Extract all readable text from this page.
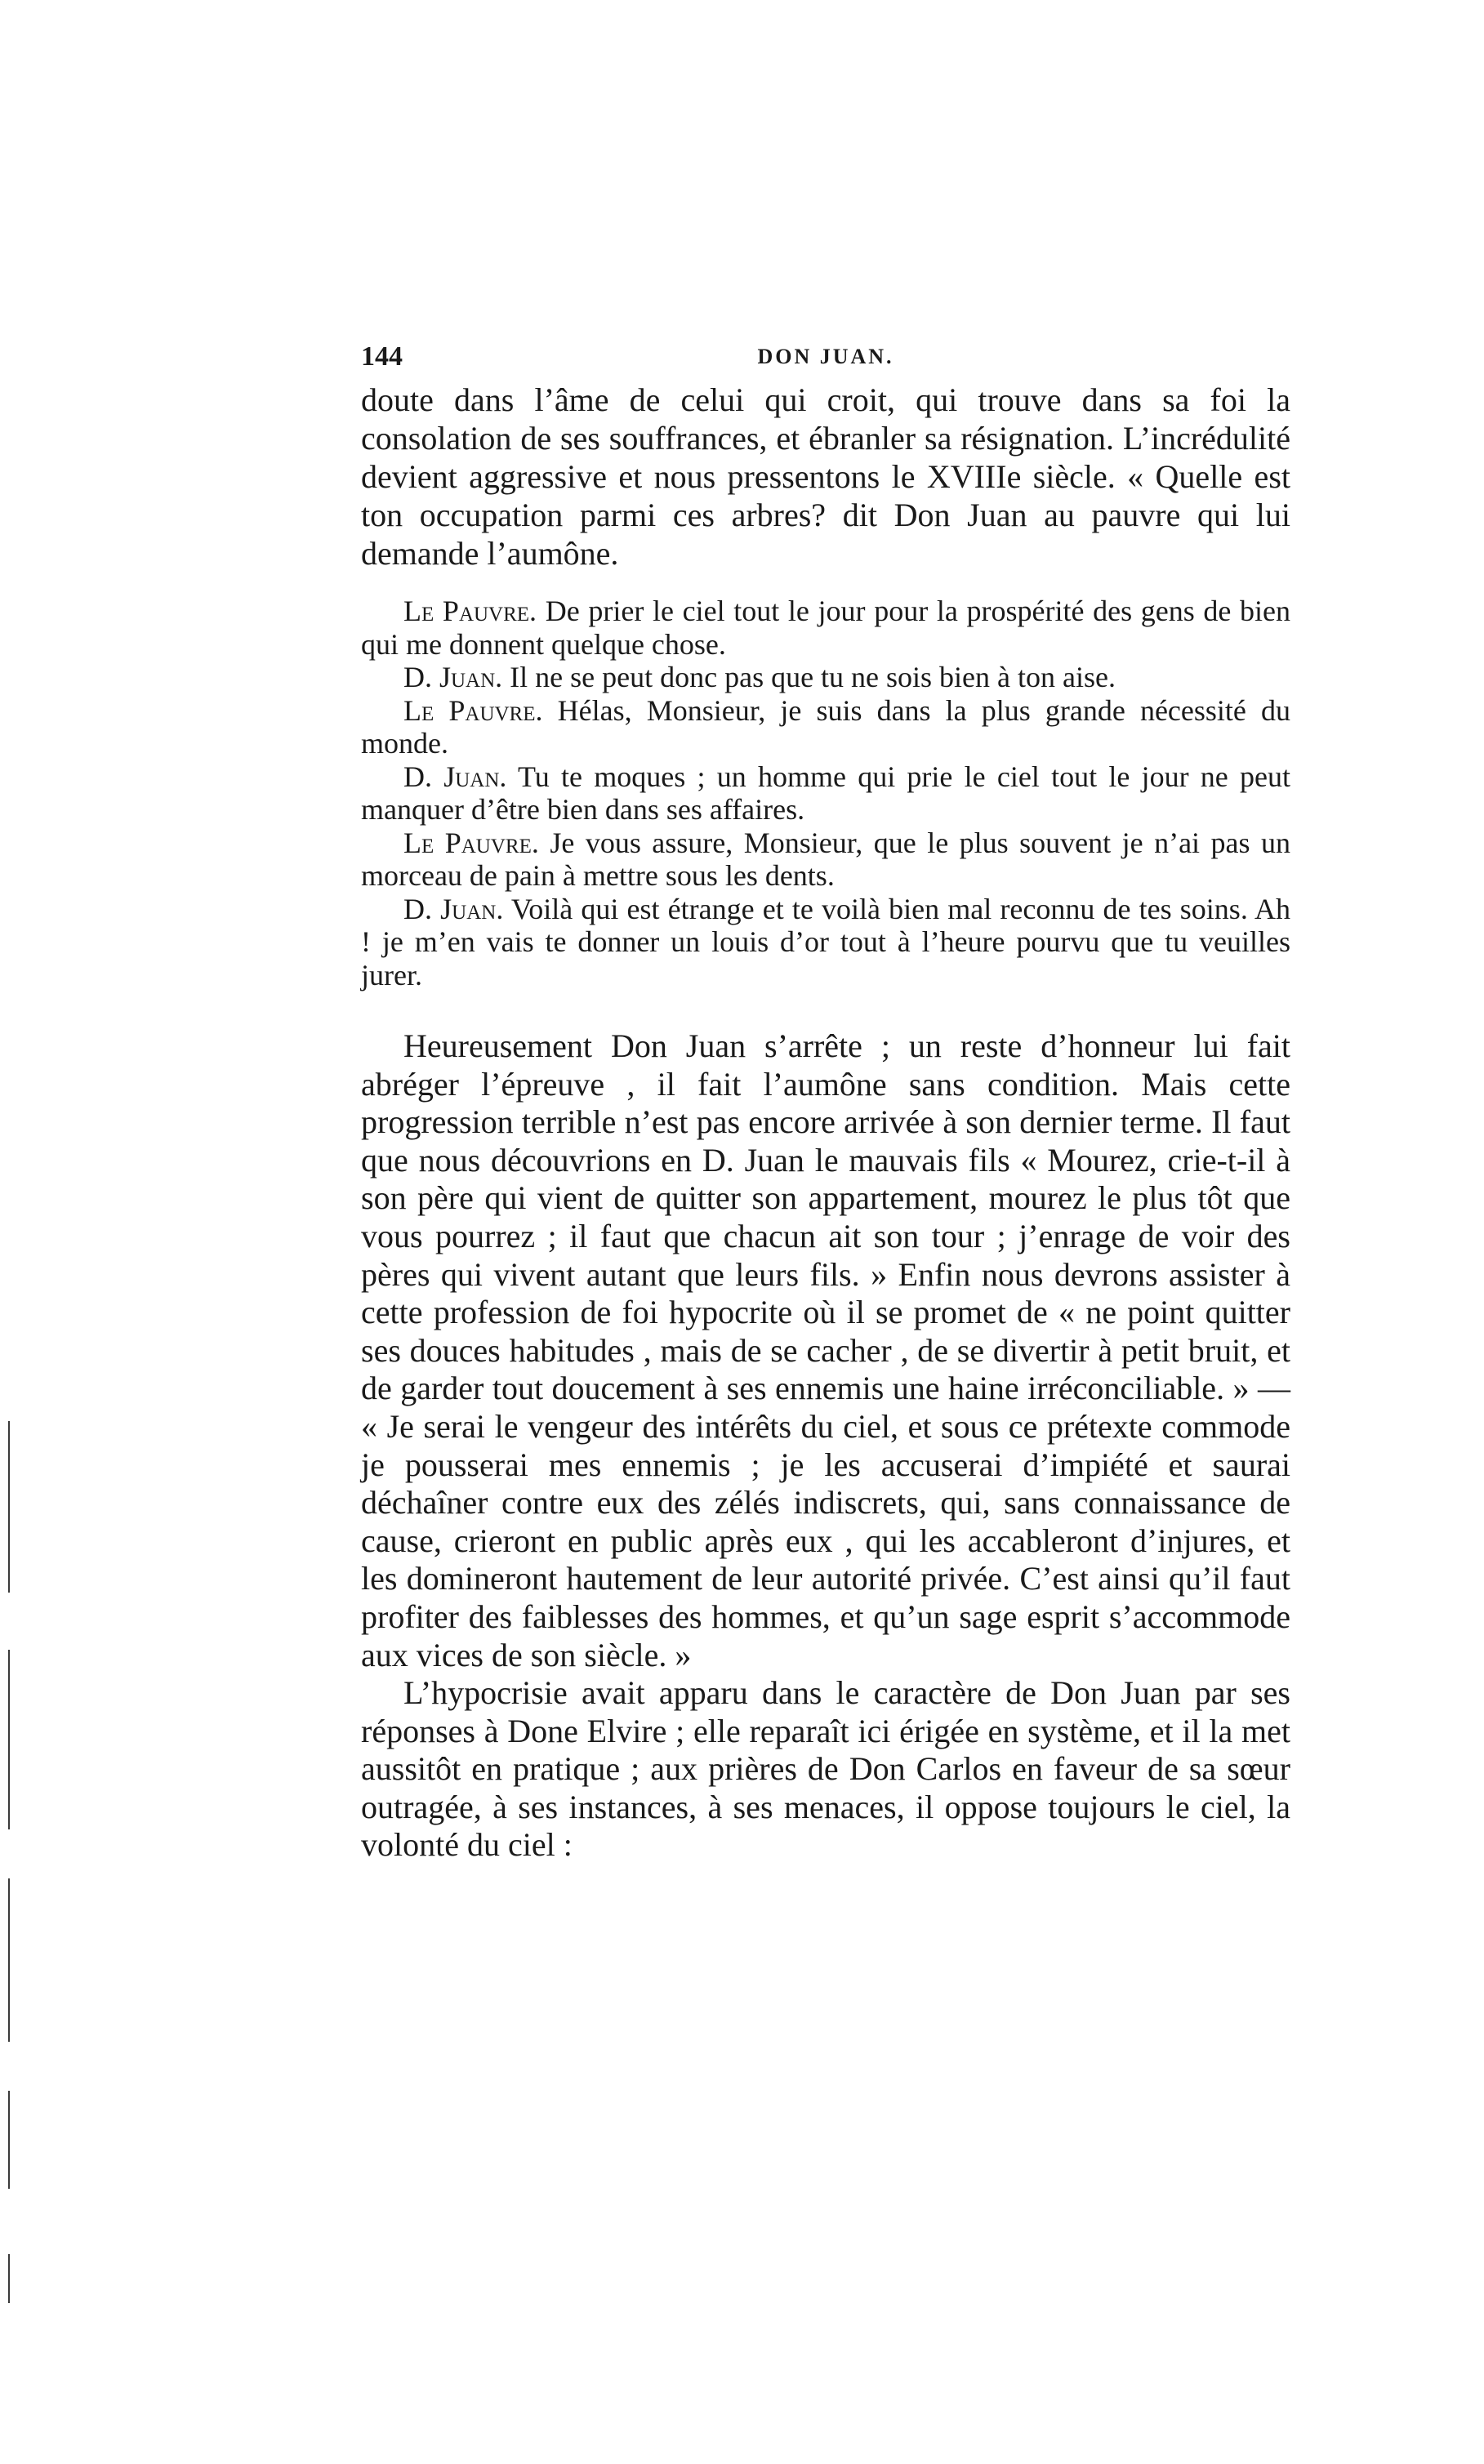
144	DON JUAN.

doute dans l’âme de celui qui croit, qui trouve dans sa foi la consolation de ses souffrances, et ébranler sa résignation. L’incrédulité devient aggressive et nous pressentons le XVIIIe siècle. « Quelle est ton occupation parmi ces arbres? dit Don Juan au pauvre qui lui demande l’aumône.

Le Pauvre. De prier le ciel tout le jour pour la prospérité des gens de bien qui me donnent quelque chose.

D. Juan. Il ne se peut donc pas que tu ne sois bien à ton aise.

Le Pauvre. Hélas, Monsieur, je suis dans la plus grande nécessité du monde.

D. Juan. Tu te moques ; un homme qui prie le ciel tout le jour ne peut manquer d’être bien dans ses affaires.

Le Pauvre. Je vous assure, Monsieur, que le plus souvent je n’ai pas un morceau de pain à mettre sous les dents.

D. Juan. Voilà qui est étrange et te voilà bien mal reconnu de tes soins. Ah ! je m’en vais te donner un louis d’or tout à l’heure pourvu que tu veuilles jurer.

Heureusement Don Juan s’arrête ; un reste d’honneur lui fait abréger l’épreuve , il fait l’aumône sans condition. Mais cette progression terrible n’est pas encore arrivée à son dernier terme. Il faut que nous découvrions en D. Juan le mauvais fils « Mourez, crie-t-il à son père qui vient de quitter son appartement, mourez le plus tôt que vous pourrez ; il faut que chacun ait son tour ; j’enrage de voir des pères qui vivent autant que leurs fils. » Enfin nous devrons assister à cette profession de foi hypocrite où il se promet de « ne point quitter ses douces habitudes , mais de se cacher , de se divertir à petit bruit, et de garder tout doucement à ses ennemis une haine irréconciliable. » — « Je serai le vengeur des intérêts du ciel, et sous ce prétexte commode je pousserai mes ennemis ; je les accuserai d’impiété et saurai déchaîner contre eux des zélés indiscrets, qui, sans connaissance de cause, crieront en public après eux , qui les accableront d’injures, et les domineront hautement de leur autorité privée. C’est ainsi qu’il faut profiter des faiblesses des hommes, et qu’un sage esprit s’accommode aux vices de son siècle. »

L’hypocrisie avait apparu dans le caractère de Don Juan par ses réponses à Done Elvire ; elle reparaît ici érigée en système, et il la met aussitôt en pratique ; aux prières de Don Carlos en faveur de sa sœur outragée, à ses instances, à ses menaces, il oppose toujours le ciel, la volonté du ciel :
